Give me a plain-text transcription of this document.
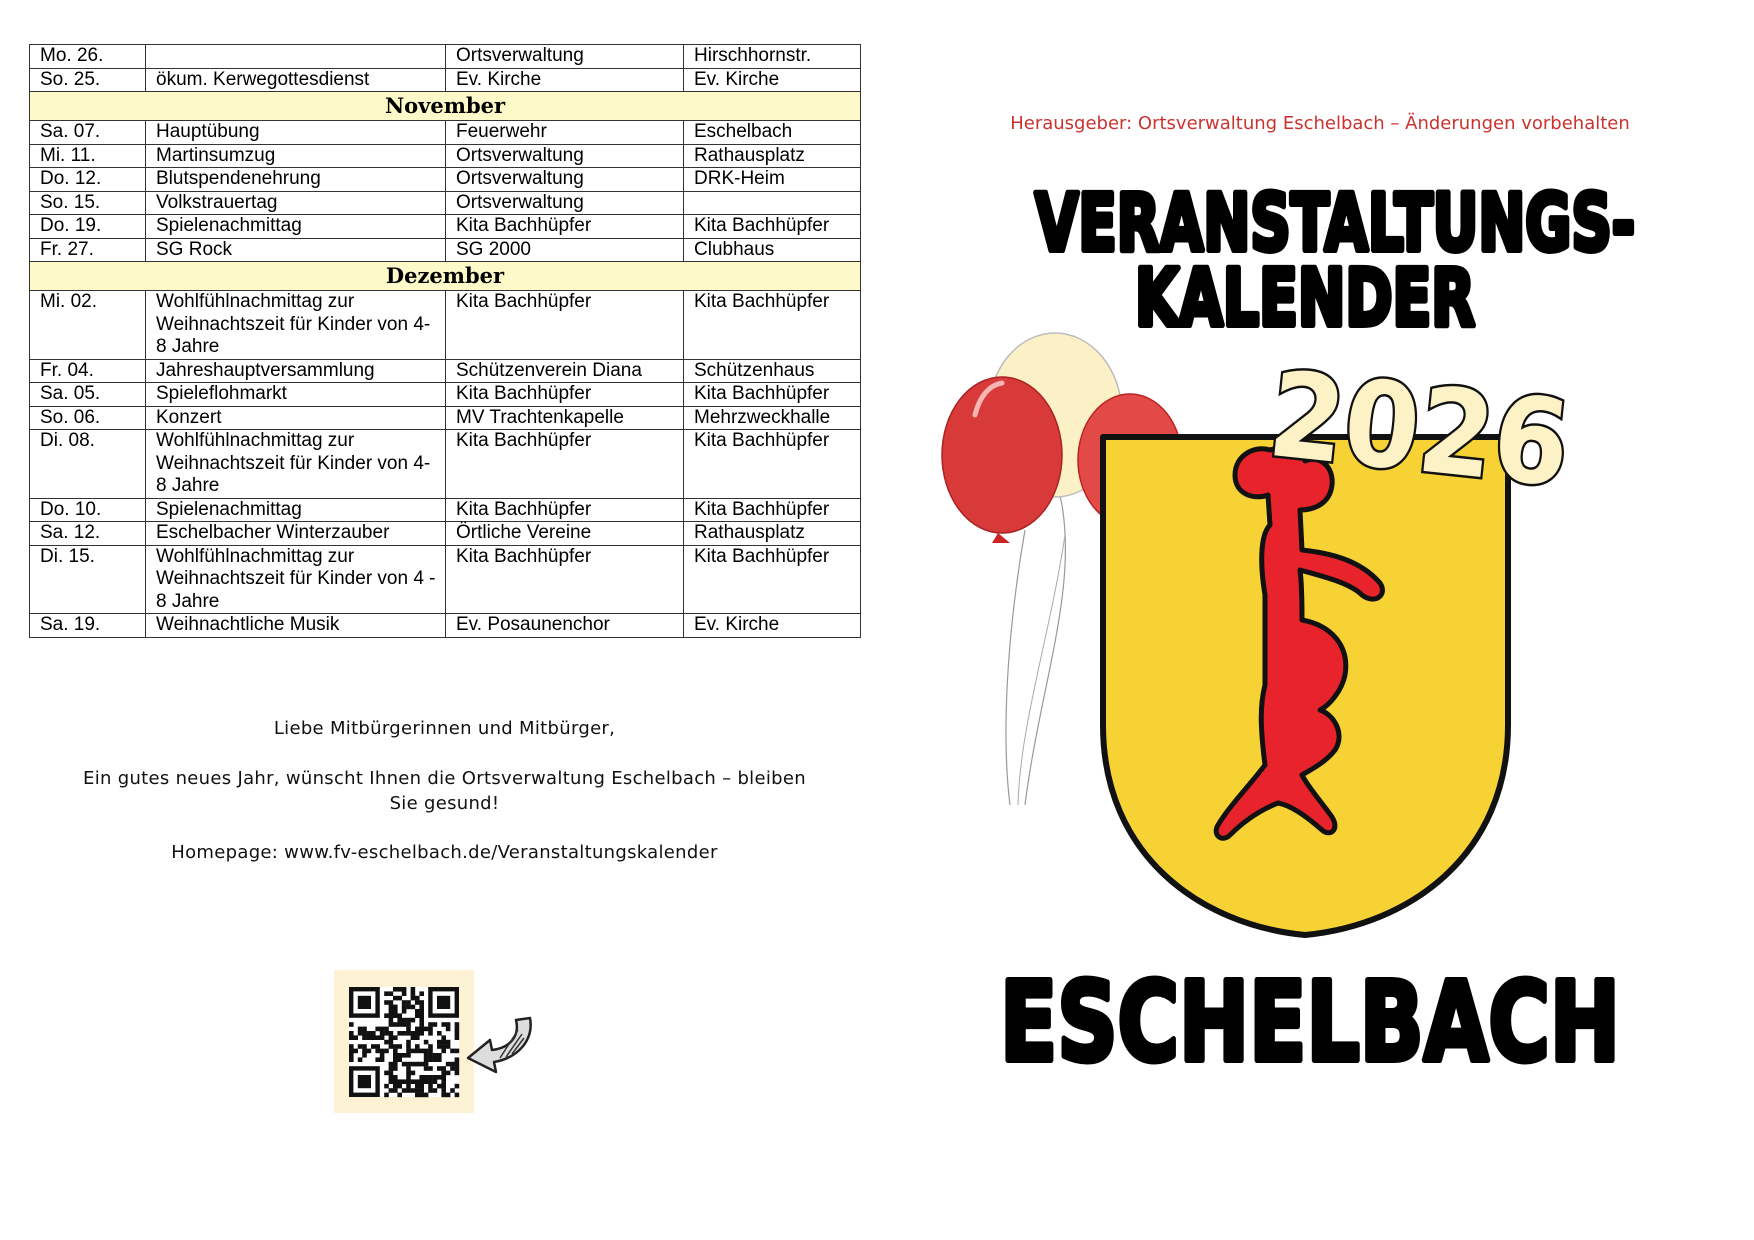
Mo. 26.		Ortsverwaltung	Hirschhornstr.
So. 25.	ökum. Kerwegottesdienst	Ev. Kirche	Ev. Kirche
November			
Sa. 07.	Hauptübung	Feuerwehr	Eschelbach
Mi. 11.	Martinsumzug	Ortsverwaltung	Rathausplatz
Do. 12.	Blutspendenehrung	Ortsverwaltung	DRK-Heim
So. 15.	Volkstrauertag	Ortsverwaltung	
Do. 19.	Spielenachmittag	Kita Bachhüpfer	Kita Bachhüpfer
Fr. 27.	SG Rock	SG 2000	Clubhaus
Dezember			
Mi. 02.	Wohlfühlnachmittag zur Weihnachtszeit für Kinder von 4- 8 Jahre	Kita Bachhüpfer	Kita Bachhüpfer
Fr. 04.	Jahreshauptversammlung	Schützenverein Diana	Schützenhaus
Sa. 05.	Spieleflohmarkt	Kita Bachhüpfer	Kita Bachhüpfer
So. 06.	Konzert	MV Trachtenkapelle	Mehrzweckhalle
Di. 08.	Wohlfühlnachmittag zur Weihnachtszeit für Kinder von 4- 8 Jahre	Kita Bachhüpfer	Kita Bachhüpfer
Do. 10.	Spielenachmittag	Kita Bachhüpfer	Kita Bachhüpfer
Sa. 12.	Eschelbacher Winterzauber	Örtliche Vereine	Rathausplatz
Di. 15.	Wohlfühlnachmittag zur Weihnachtszeit für Kinder von 4 - 8 Jahre	Kita Bachhüpfer	Kita Bachhüpfer
Sa. 19.	Weihnachtliche Musik	Ev. Posaunenchor	Ev. Kirche
Liebe Mitbürgerinnen und Mitbürger,
Ein gutes neues Jahr, wünscht Ihnen die Ortsverwaltung Eschelbach – bleiben Sie gesund!
Homepage: www.fv-eschelbach.de/Veranstaltungskalender
Herausgeber: Ortsverwaltung Eschelbach – Änderungen vorbehalten
VERANSTALTUNGS-
KALENDER
2026
ESCHELBACH
